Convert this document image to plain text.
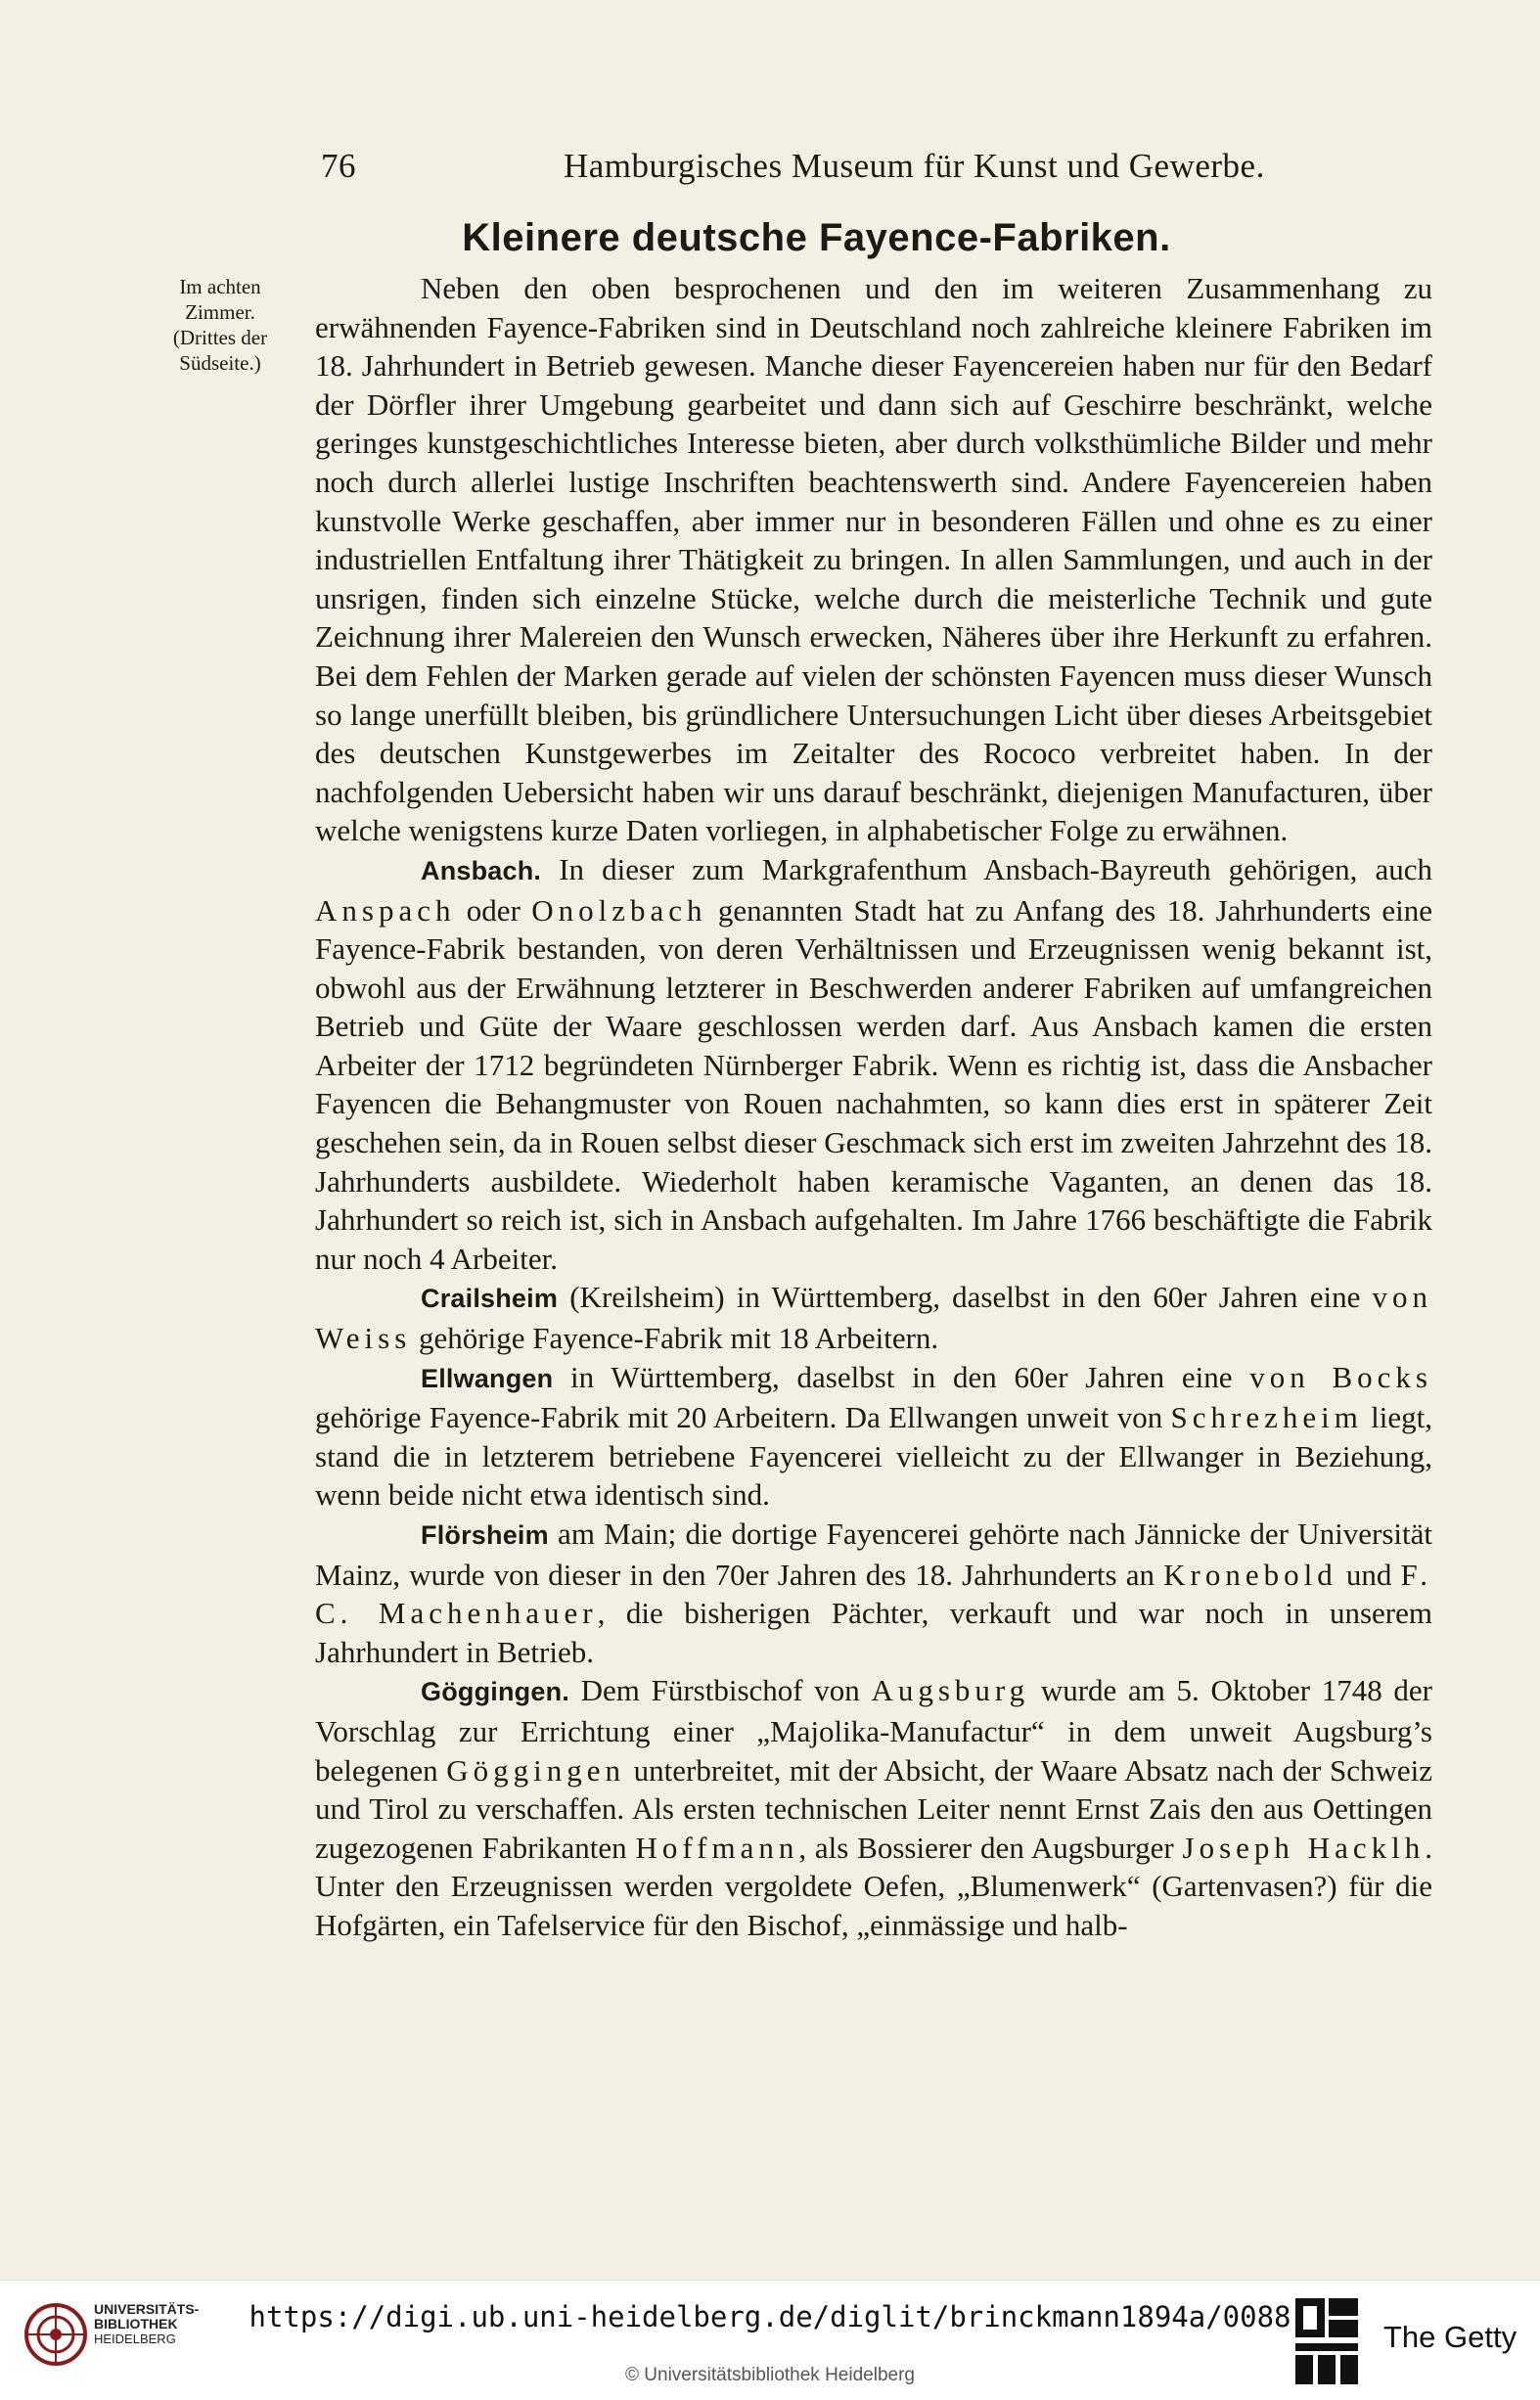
76	Hamburgisches Museum für Kunst und Gewerbe.
Kleinere deutsche Fayence-Fabriken.
Im achten
Zimmer.
(Drittes der
Südseite.)

Neben den oben besprochenen und den im weiteren Zusammenhang zu erwähnenden Fayence-Fabriken sind in Deutschland noch zahlreiche kleinere Fabriken im 18. Jahrhundert in Betrieb gewesen. Manche dieser Fayencereien haben nur für den Bedarf der Dörfler ihrer Umgebung gearbeitet und dann sich auf Geschirre beschränkt, welche geringes kunstgeschichtliches Interesse bieten, aber durch volksthümliche Bilder und mehr noch durch allerlei lustige Inschriften beachtenswerth sind. Andere Fayencereien haben kunstvolle Werke geschaffen, aber immer nur in besonderen Fällen und ohne es zu einer industriellen Entfaltung ihrer Thätigkeit zu bringen. In allen Sammlungen, und auch in der unsrigen, finden sich einzelne Stücke, welche durch die meisterliche Technik und gute Zeichnung ihrer Malereien den Wunsch erwecken, Näheres über ihre Herkunft zu erfahren. Bei dem Fehlen der Marken gerade auf vielen der schönsten Fayencen muss dieser Wunsch so lange unerfüllt bleiben, bis gründlichere Untersuchungen Licht über dieses Arbeitsgebiet des deutschen Kunstgewerbes im Zeitalter des Rococo verbreitet haben. In der nachfolgenden Uebersicht haben wir uns darauf beschränkt, diejenigen Manufacturen, über welche wenigstens kurze Daten vorliegen, in alphabetischer Folge zu erwähnen.

Ansbach. In dieser zum Markgrafenthum Ansbach-Bayreuth gehörigen, auch Anspach oder Onolzbach genannten Stadt hat zu Anfang des 18. Jahrhunderts eine Fayence-Fabrik bestanden, von deren Verhältnissen und Erzeugnissen wenig bekannt ist, obwohl aus der Erwähnung letzterer in Beschwerden anderer Fabriken auf umfangreichen Betrieb und Güte der Waare geschlossen werden darf. Aus Ansbach kamen die ersten Arbeiter der 1712 begründeten Nürnberger Fabrik. Wenn es richtig ist, dass die Ansbacher Fayencen die Behangmuster von Rouen nachahmten, so kann dies erst in späterer Zeit geschehen sein, da in Rouen selbst dieser Geschmack sich erst im zweiten Jahrzehnt des 18. Jahrhunderts ausbildete. Wiederholt haben keramische Vaganten, an denen das 18. Jahrhundert so reich ist, sich in Ansbach aufgehalten. Im Jahre 1766 beschäftigte die Fabrik nur noch 4 Arbeiter.

Crailsheim (Kreilsheim) in Württemberg, daselbst in den 60er Jahren eine von Weiss gehörige Fayence-Fabrik mit 18 Arbeitern.

Ellwangen in Württemberg, daselbst in den 60er Jahren eine von Bocks gehörige Fayence-Fabrik mit 20 Arbeitern. Da Ellwangen unweit von Schrezheim liegt, stand die in letzterem betriebene Fayencerei vielleicht zu der Ellwanger in Beziehung, wenn beide nicht etwa identisch sind.

Flörsheim am Main; die dortige Fayencerei gehörte nach Jännicke der Universität Mainz, wurde von dieser in den 70er Jahren des 18. Jahrhunderts an Kronebold und F. C. Machenhauer, die bisherigen Pächter, verkauft und war noch in unserem Jahrhundert in Betrieb.

Göggingen. Dem Fürstbischof von Augsburg wurde am 5. Oktober 1748 der Vorschlag zur Errichtung einer „Majolika-Manufactur“ in dem unweit Augsburg’s belegenen Göggingen unterbreitet, mit der Absicht, der Waare Absatz nach der Schweiz und Tirol zu verschaffen. Als ersten technischen Leiter nennt Ernst Zais den aus Oettingen zugezogenen Fabrikanten Hoffmann, als Bossierer den Augsburger Joseph Hacklh. Unter den Erzeugnissen werden vergoldete Oefen, „Blumenwerk“ (Gartenvasen?) für die Hofgärten, ein Tafelservice für den Bischof, „einmässige und halb-

UNIVERSITÄTS-
BIBLIOTHEK
HEIDELBERG
https://digi.ub.uni-heidelberg.de/diglit/brinckmann1894a/0088
© Universitätsbibliothek Heidelberg
The Getty
